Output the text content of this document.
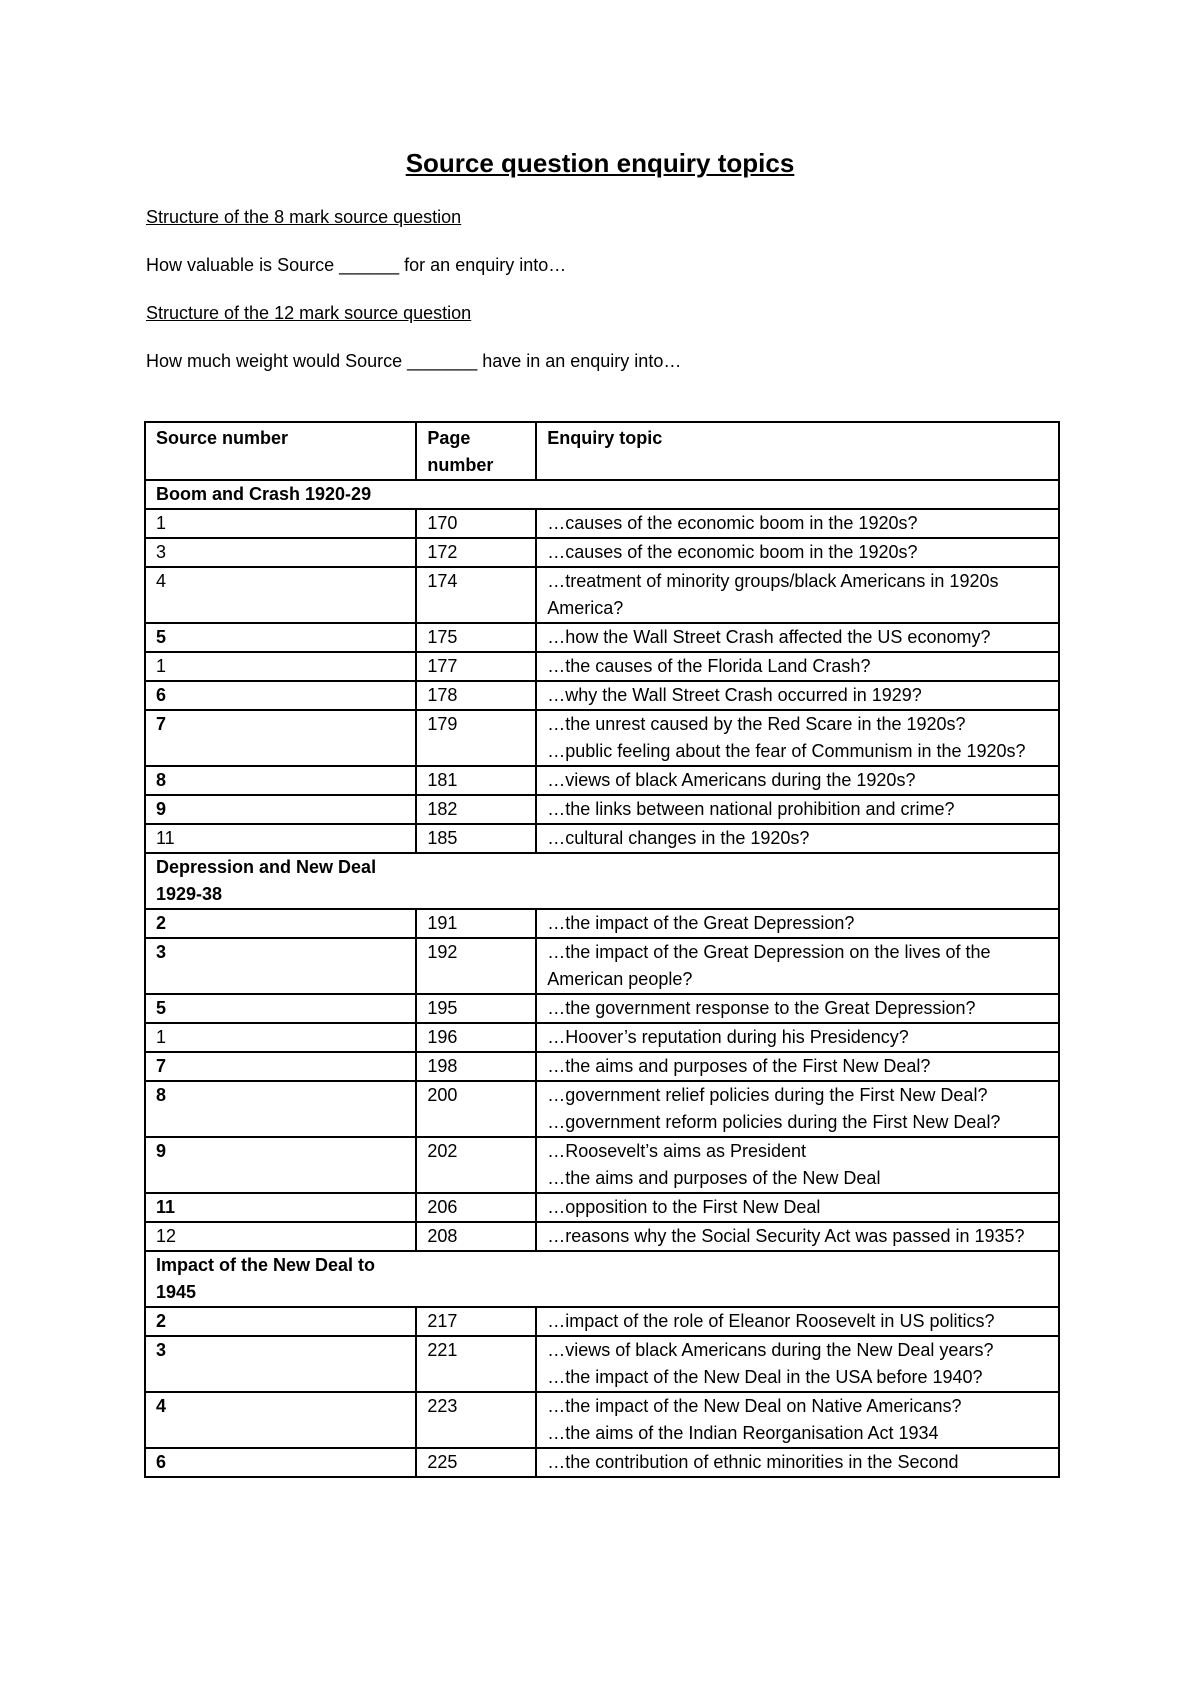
Source question enquiry topics

Structure of the 8 mark source question

How valuable is Source ______ for an enquiry into…

Structure of the 12 mark source question

How much weight would Source _______ have in an enquiry into…

Source number	Page number	Enquiry topic

Boom and Crash 1920-29		

1	170	…causes of the economic boom in the 1920s?

3	172	…causes of the economic boom in the 1920s?

4	174	…treatment of minority groups/black Americans in 1920s America?

5	175	…how the Wall Street Crash affected the US economy?

1	177	…the causes of the Florida Land Crash?

6	178	…why the Wall Street Crash occurred in 1929?

7	179	…the unrest caused by the Red Scare in the 1920s?
…public feeling about the fear of Communism in the 1920s?

8	181	…views of black Americans during the 1920s?

9	182	…the links between national prohibition and crime?

11	185	…cultural changes in the 1920s?

Depression and New Deal 1929-38		

2	191	…the impact of the Great Depression?

3	192	…the impact of the Great Depression on the lives of the American people?

5	195	…the government response to the Great Depression?

1	196	…Hoover’s reputation during his Presidency?

7	198	…the aims and purposes of the First New Deal?

8	200	…government relief policies during the First New Deal?
…government reform policies during the First New Deal?

9	202	…Roosevelt’s aims as President
…the aims and purposes of the New Deal

11	206	…opposition to the First New Deal

12	208	…reasons why the Social Security Act was passed in 1935?

Impact of the New Deal to 1945		

2	217	…impact of the role of Eleanor Roosevelt in US politics?

3	221	…views of black Americans during the New Deal years?
…the impact of the New Deal in the USA before 1940?

4	223	…the impact of the New Deal on Native Americans?
…the aims of the Indian Reorganisation Act 1934

6	225	…the contribution of ethnic minorities in the Second
